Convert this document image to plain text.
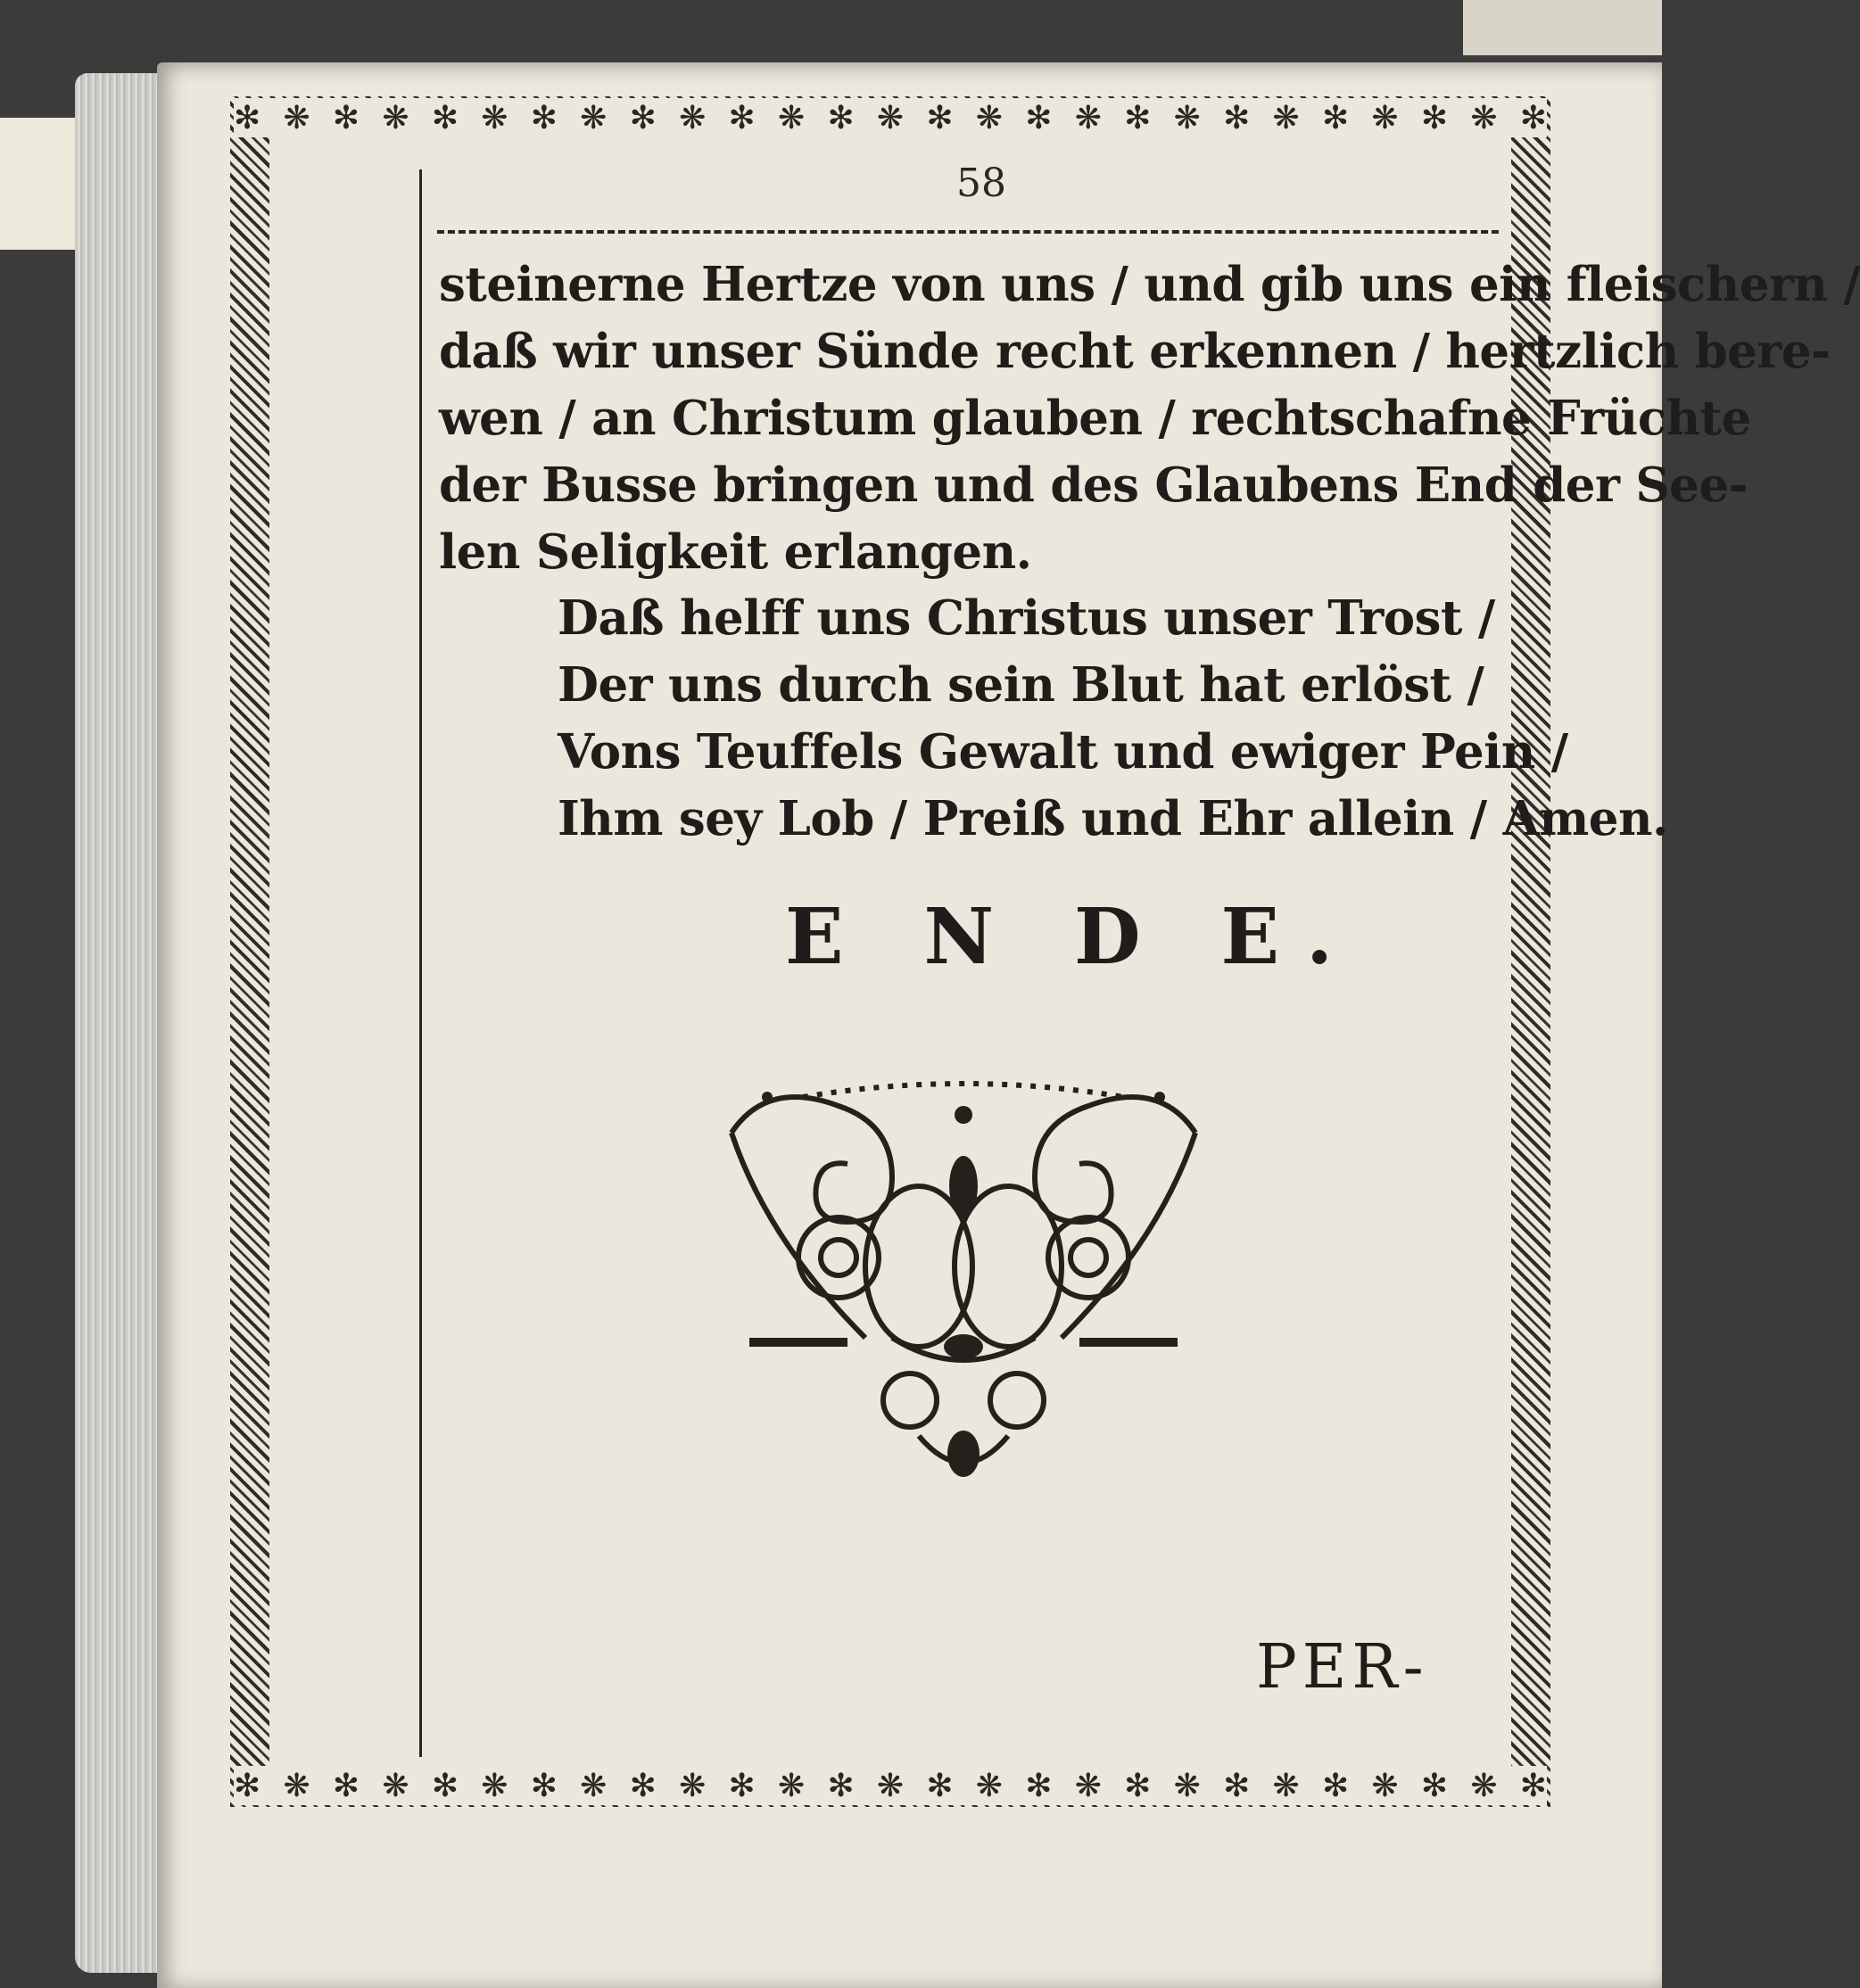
✻ ❋ ✻ ❋ ✻ ❋ ✻ ❋ ✻ ❋ ✻ ❋ ✻ ❋ ✻ ❋ ✻ ❋ ✻ ❋ ✻ ❋ ✻ ❋ ✻ ❋ ✻
✻ ❋ ✻ ❋ ✻ ❋ ✻ ❋ ✻ ❋ ✻ ❋ ✻ ❋ ✻ ❋ ✻ ❋ ✻ ❋ ✻ ❋ ✻ ❋ ✻ ❋ ✻
58
steinerne Hertze von uns / und gib uns ein fleischern /
daß wir unser Sünde recht erkennen / hertzlich bere-
wen / an Christum glauben / rechtschafne Früchte
der Busse bringen und des Glaubens End der See-
len Seligkeit erlangen.
Daß helff uns Christus unser Trost /
Der uns durch sein Blut hat erlöst /
Vons Teuffels Gewalt und ewiger Pein /
Ihm sey Lob / Preiß und Ehr allein / Amen.
E N D E.
PER-
